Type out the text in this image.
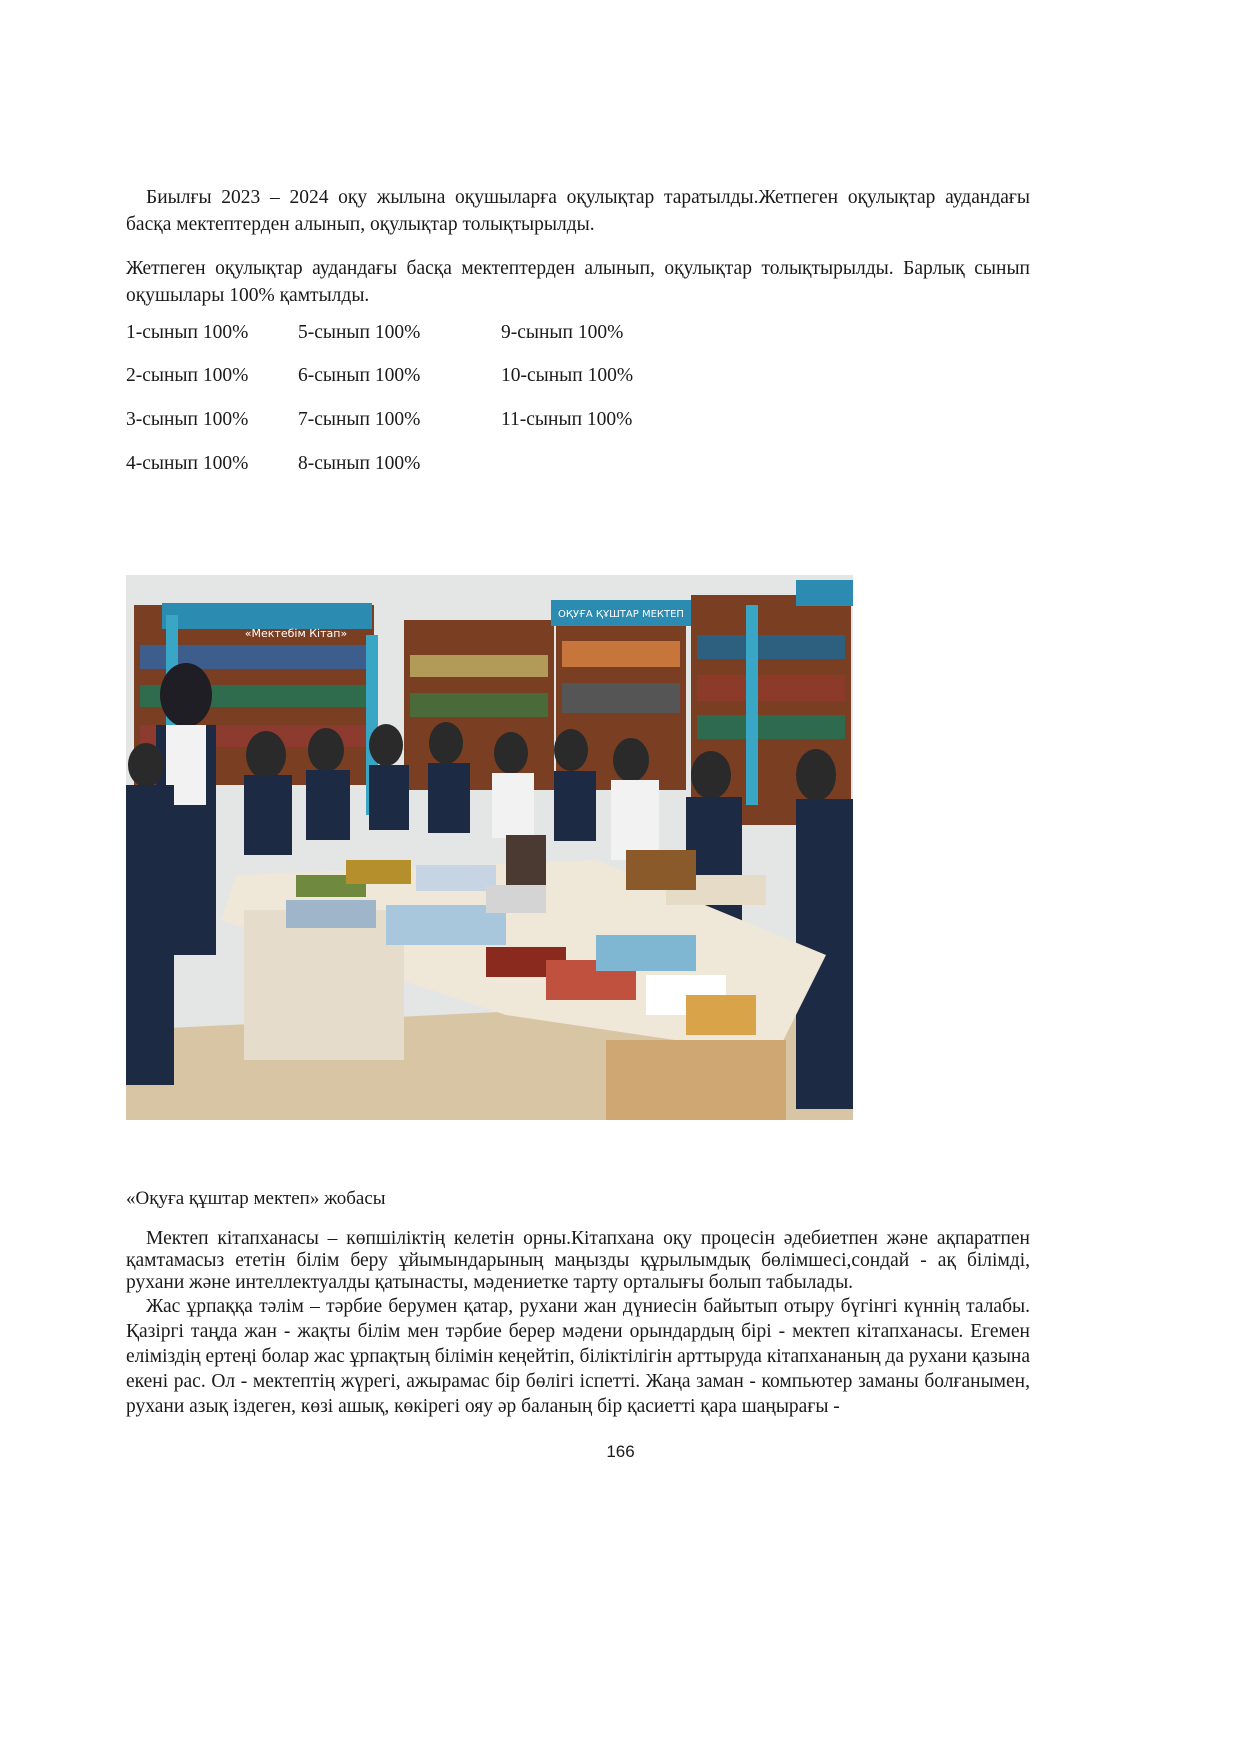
Биылғы 2023 – 2024 оқу жылына оқушыларға оқулықтар таратылды.Жетпеген оқулықтар аудандағы басқа мектептерден алынып, оқулықтар толықтырылды.

Жетпеген оқулықтар аудандағы басқа мектептерден алынып, оқулықтар толықтырылды. Барлық сынып оқушылары 100% қамтылды.

1-сынып 100%	5-сынып 100%	9-сынып 100%
2-сынып 100%	6-сынып 100%	10-сынып 100%
3-сынып 100%	7-сынып 100%	11-сынып 100%
4-сынып 100%	8-сынып 100%
«Мектебім Кітап»
ОҚУҒА ҚҰШТАР МЕКТЕП

«Оқуға құштар мектеп» жобасы

Мектеп кітапханасы – көпшіліктің келетін орны.Кітапхана оқу процесін әдебиетпен және ақпаратпен қамтамасыз ететін білім беру ұйымындарының маңызды құрылымдық бөлімшесі,сондай - ақ білімді, рухани және интеллектуалды қатынасты, мәдениетке тарту орталығы болып табылады.

Жас ұрпаққа тәлім – тәрбие берумен қатар, рухани жан дүниесін байытып отыру бүгінгі күннің талабы. Қазіргі таңда жан - жақты білім мен тәрбие берер мәдени орындардың бірі - мектеп кітапханасы. Егемен еліміздің ертеңі болар жас ұрпақтың білімін кеңейтіп, біліктілігін арттыруда кітапхананың да рухани қазына екені рас. Ол - мектептің жүрегі, ажырамас бір бөлігі іспетті. Жаңа заман - компьютер заманы болғанымен, рухани азық іздеген, көзі ашық, көкірегі ояу әр баланың бір қасиетті қара шаңырағы -

166
